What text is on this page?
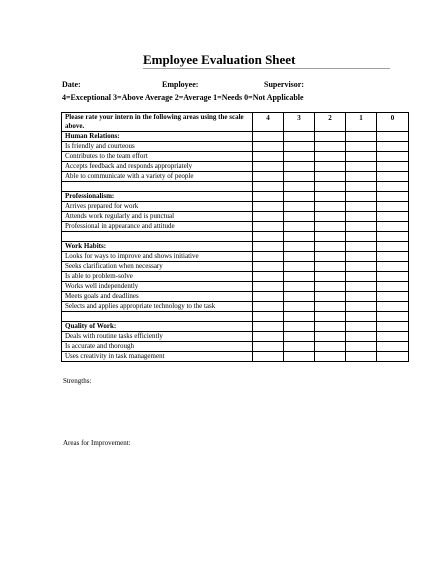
Employee Evaluation Sheet
Date:	Employee:	Supervisor:
4=Exceptional 3=Above Average 2=Average 1=Needs 0=Not Applicable
Please rate your intern in the following areas using the scale above.	4	3	2	1	0
Human Relations:					
Is friendly and courteous					
Contributes to the team effort					
Accepts feedback and responds appropriately					
Able to communicate with a variety of people					

Professionalism:					
Arrives prepared for work					
Attends work regularly and is punctual					
Professional in appearance and attitude					

Work Habits:					
Looks for ways to improve and shows initiative					
Seeks clarification when necessary					
Is able to problem-solve					
Works well independently					
Meets goals and deadlines					
Selects and applies appropriate technology to the task					

Quality of Work:					
Deals with routine tasks efficiently					
Is accurate and thorough					
Uses creativity in task management					
Strengths:
Areas for Improvement:
